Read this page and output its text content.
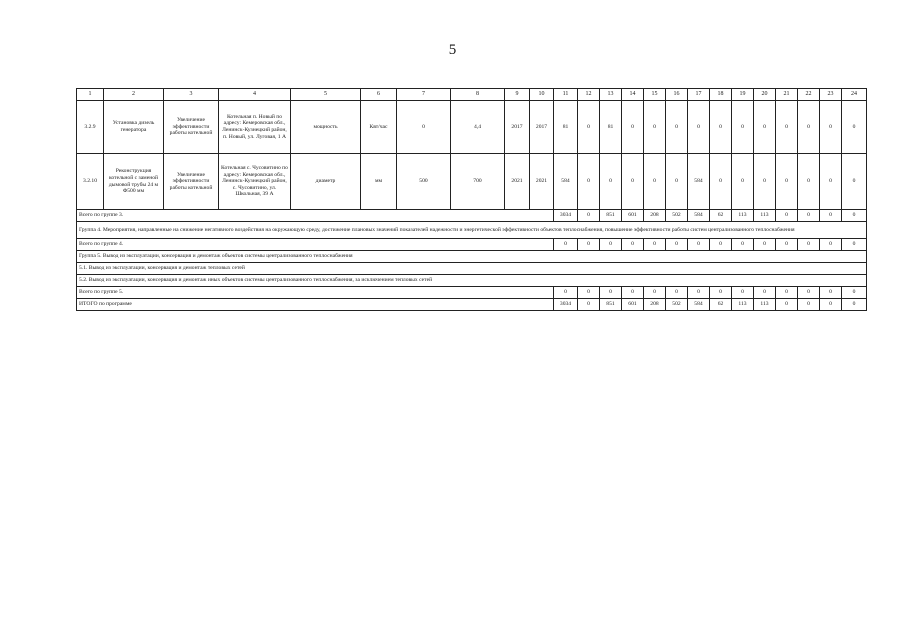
5
1	2	3	4	5	6	7	8	9	10	11	12	13	14	15	16	17	18	19	20	21	22	23	24
3.2.9	Установка дизель генератора	Увеличение эффективности работы котельной	Котельная п. Новый по адресу: Кемеровская обл., Ленинск-Кузнецкий район, п. Новый, ул. Луговая, 1 А	мощность	Квт/час	0	4,4	2017	2017	81	0	81	0	0	0	0	0	0	0	0	0	0	0
3.2.10	Реконструкция котельной с заменой дымовой трубы 24 м Ф500 мм	Увеличение эффективности работы котельной	Котельная с. Чусовитино по адресу: Кемеровская обл., Ленинск-Кузнецкий район, с. Чусовитино, ул. Школьная, 39 А	диаметр	мм	500	700	2021	2021	584	0	0	0	0	0	584	0	0	0	0	0	0	0
Всего по группе 3.										3034	0	851	601	208	502	584	62	113	113	0	0	0	0
Группа 4. Мероприятия, направленные на снижение негативного воздействия на окружающую среду, достижение плановых значений показателей надежности и энергетической эффективности объектов теплоснабжения, повышение эффективности работы систем централизованного теплоснабжения																							
Всего по группе 4.										0	0	0	0	0	0	0	0	0	0	0	0	0	0
Группа 5. Вывод из эксплуатации, консервация и демонтаж объектов системы централизованного теплоснабжения																							
5.1. Вывод из эксплуатации, консервация и демонтаж тепловых сетей																							
5.2. Вывод из эксплуатации, консервация и демонтаж иных объектов системы централизованного теплоснабжения, за исключением тепловых сетей																							
Всего по группе 5.										0	0	0	0	0	0	0	0	0	0	0	0	0	0
ИТОГО по программе										3034	0	851	601	208	502	584	62	113	113	0	0	0	0
